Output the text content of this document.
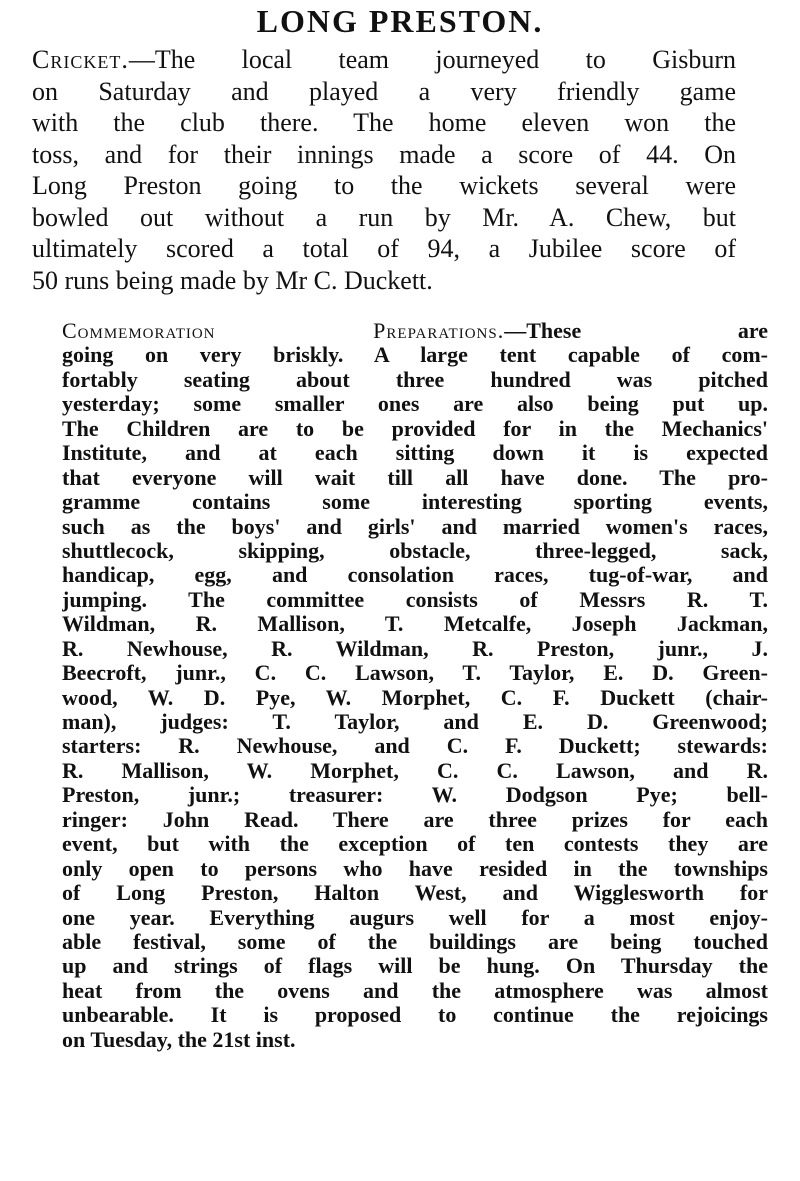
LONG PRESTON.
Cricket.—The local team journeyed to Gisburn
on Saturday and played a very friendly game
with the club there. The home eleven won the
toss, and for their innings made a score of 44. On
Long Preston going to the wickets several were
bowled out without a run by Mr. A. Chew, but
ultimately scored a total of 94, a Jubilee score of
50 runs being made by Mr C. Duckett.
Commemoration Preparations.—These are
going on very briskly. A large tent capable of com-
fortably seating about three hundred was pitched
yesterday; some smaller ones are also being put up.
The Children are to be provided for in the Mechanics'
Institute, and at each sitting down it is expected
that everyone will wait till all have done. The pro-
gramme contains some interesting sporting events,
such as the boys' and girls' and married women's races,
shuttlecock, skipping, obstacle, three-legged, sack,
handicap, egg, and consolation races, tug-of-war, and
jumping. The committee consists of Messrs R. T.
Wildman, R. Mallison, T. Metcalfe, Joseph Jackman,
R. Newhouse, R. Wildman, R. Preston, junr., J.
Beecroft, junr., C. C. Lawson, T. Taylor, E. D. Green-
wood, W. D. Pye, W. Morphet, C. F. Duckett (chair-
man), judges: T. Taylor, and E. D. Greenwood;
starters: R. Newhouse, and C. F. Duckett; stewards:
R. Mallison, W. Morphet, C. C. Lawson, and R.
Preston, junr.; treasurer: W. Dodgson Pye; bell-
ringer: John Read. There are three prizes for each
event, but with the exception of ten contests they are
only open to persons who have resided in the townships
of Long Preston, Halton West, and Wigglesworth for
one year. Everything augurs well for a most enjoy-
able festival, some of the buildings are being touched
up and strings of flags will be hung. On Thursday the
heat from the ovens and the atmosphere was almost
unbearable. It is proposed to continue the rejoicings
on Tuesday, the 21st inst.
